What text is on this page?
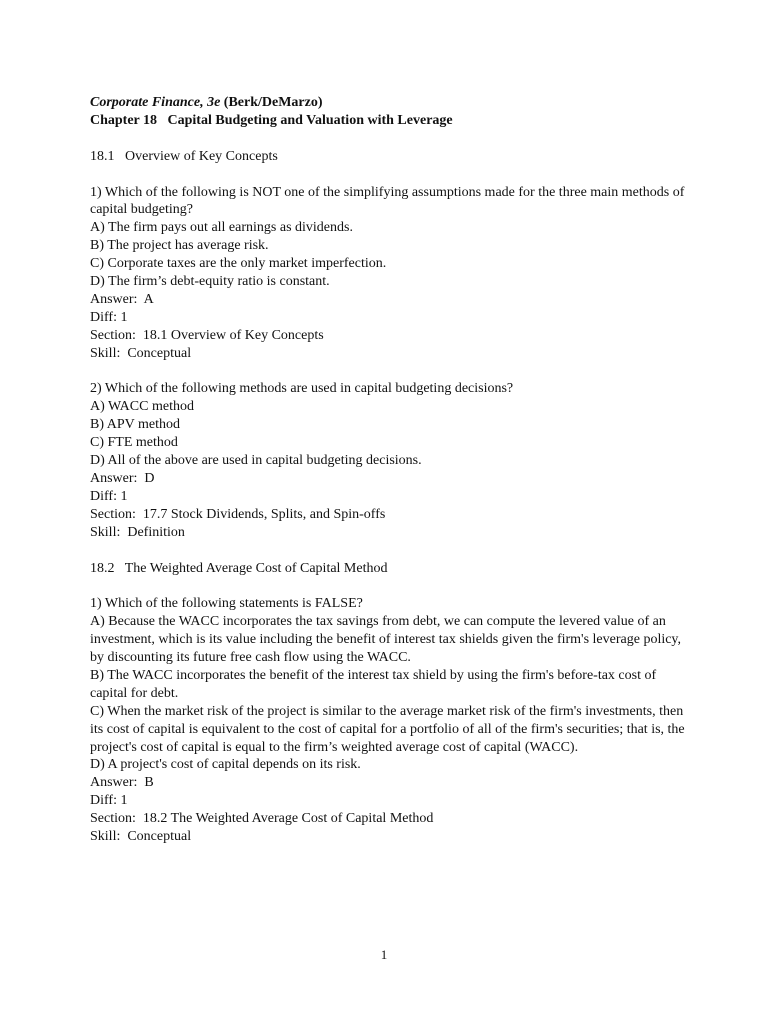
Corporate Finance, 3e (Berk/DeMarzo)
Chapter 18   Capital Budgeting and Valuation with Leverage
18.1   Overview of Key Concepts
1) Which of the following is NOT one of the simplifying assumptions made for the three main methods of capital budgeting?
A) The firm pays out all earnings as dividends.
B) The project has average risk.
C) Corporate taxes are the only market imperfection.
D) The firm’s debt-equity ratio is constant.
Answer:  A
Diff: 1
Section:  18.1 Overview of Key Concepts
Skill:  Conceptual
2) Which of the following methods are used in capital budgeting decisions?
A) WACC method
B) APV method
C) FTE method
D) All of the above are used in capital budgeting decisions.
Answer:  D
Diff: 1
Section:  17.7 Stock Dividends, Splits, and Spin-offs
Skill:  Definition
18.2   The Weighted Average Cost of Capital Method
1) Which of the following statements is FALSE?
A) Because the WACC incorporates the tax savings from debt, we can compute the levered value of an investment, which is its value including the benefit of interest tax shields given the firm's leverage policy, by discounting its future free cash flow using the WACC.
B) The WACC incorporates the benefit of the interest tax shield by using the firm's before-tax cost of capital for debt.
C) When the market risk of the project is similar to the average market risk of the firm's investments, then its cost of capital is equivalent to the cost of capital for a portfolio of all of the firm's securities; that is, the project's cost of capital is equal to the firm’s weighted average cost of capital (WACC).
D) A project's cost of capital depends on its risk.
Answer:  B
Diff: 1
Section:  18.2 The Weighted Average Cost of Capital Method
Skill:  Conceptual
1
